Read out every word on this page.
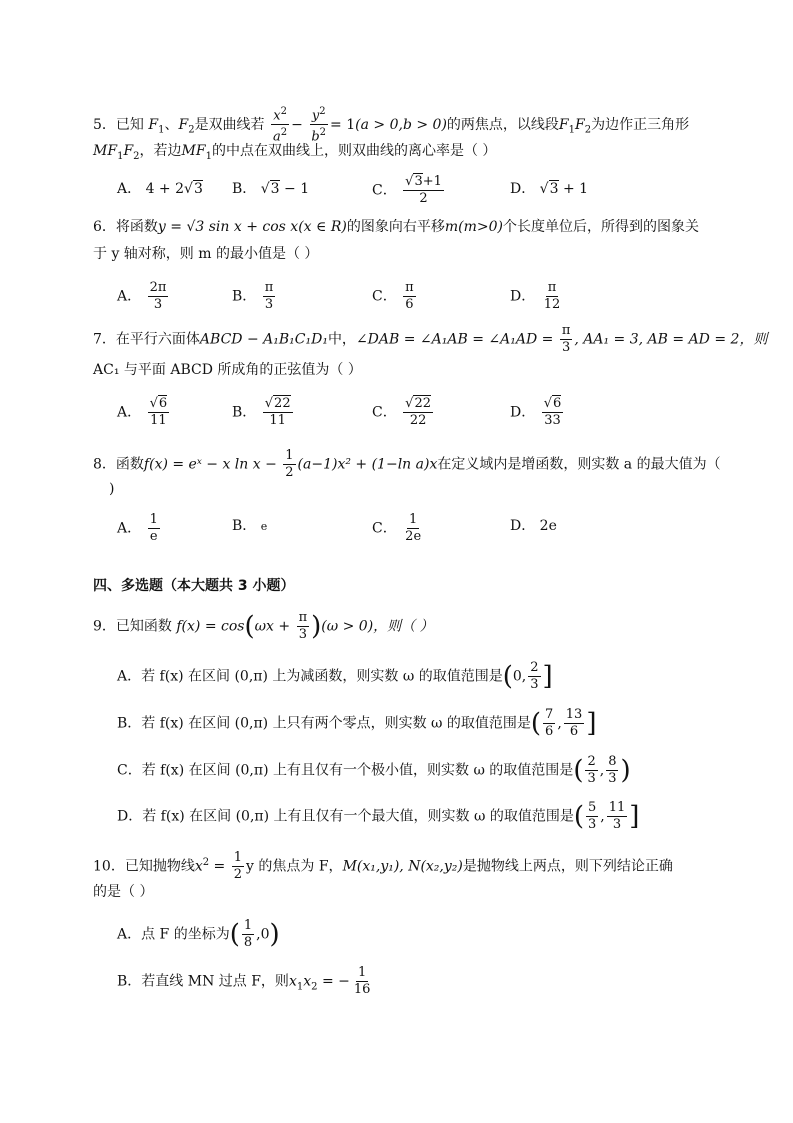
5．已知 $F_1$、$F_2$是双曲线若 $\frac{x^2}{a^2} - \frac{y^2}{b^2} = 1(a > 0,b > 0)$的两焦点，以线段$F_1F_2$为边作正三角形
$MF_1F_2$，若边$MF_1$的中点在双曲线上，则双曲线的离心率是（ ）
A． 4 + 2√3 B． √3 − 1	C． $\frac{√3+1}{2}$	D． √3 + 1
6．将函数y = √3 sin x + cos x(x ∈ R)的图象向右平移m(m>0)个长度单位后，所得到的图象关
于 y 轴对称，则 m 的最小值是（ ）
A． $\frac{2\pi}{3}$	B． $\frac{\pi}{3}$	C． $\frac{\pi}{6}$	D． $\frac{\pi}{12}$
7．在平行六面体ABCD − A₁B₁C₁D₁中，∠DAB = ∠A₁AB = ∠A₁AD = $\frac{\pi}{3}$ , AA₁ = 3, AB = AD = 2，则
AC₁ 与平面 ABCD 所成角的正弦值为（ ）
A． $\frac{√6}{11}$	B． $\frac{√22}{11}$	C． $\frac{√22}{22}$	D． $\frac{√6}{33}$
8．函数f(x) = eˣ − x $\ln x - \frac{1}{2} (a-1)x^2 + (1-\ln$ a)x在定义域内是增函数，则实数 a 的最大值为（
)
A． $\frac{1}{e}$	B． e	C． $\frac{1}{2e}$	D． 2e
四、多选题（本大题共 3 小题）
9．已知函数 $f(x) = \cos(\omega x + \frac{\pi}{3} )(\omega > 0)$，则（ ）
A．若 f(x) 在区间 (0,π) 上为减函数，则实数 ω 的取值范围是(0, $\frac{2}{3}$ ]
B．若 f(x) 在区间 (0,π) 上只有两个零点，则实数 ω 的取值范围是( $\frac{7}{6}$ , $\frac{13}{6}$ ]
C．若 f(x) 在区间 (0,π) 上有且仅有一个极小值，则实数 ω 的取值范围是( $\frac{2}{3}$ , $\frac{8}{3}$ )
D．若 f(x) 在区间 (0,π) 上有且仅有一个最大值，则实数 ω 的取值范围是( $\frac{5}{3}$ , $\frac{11}{3}$ ]
10．已知抛物线$x^2 = \frac{1}{2}$ y 的焦点为 F，M(x₁,y₁), N(x₂,y₂)是抛物线上两点，则下列结论正确
的是（ ）
A．点 F 的坐标为( $\frac{1}{8} ,0$)
B．若直线 MN 过点 F，则$x_1x_2$ = − $\frac{1}{16}$
